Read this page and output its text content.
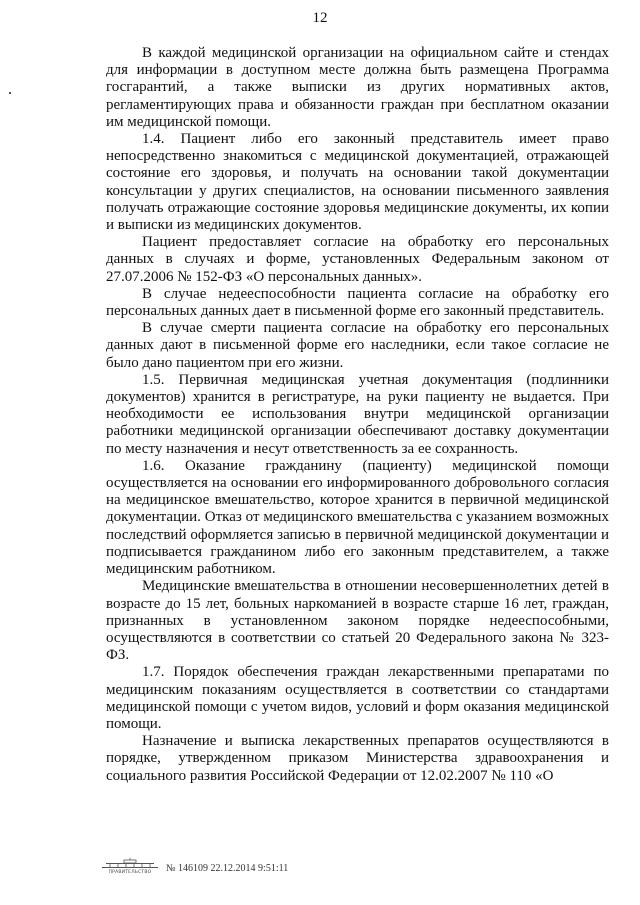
12

В каждой медицинской организации на официальном сайте и стендах для информации в доступном месте должна быть размещена Программа госгарантий, а также выписки из других нормативных актов, регламентирующих права и обязанности граждан при бесплатном оказании им медицинской помощи.

1.4. Пациент либо его законный представитель имеет право непосредственно знакомиться с медицинской документацией, отражающей состояние его здоровья, и получать на основании такой документации консультации у других специалистов, на основании письменного заявления получать отражающие состояние здоровья медицинские документы, их копии и выписки из медицинских документов.

Пациент предоставляет согласие на обработку его персональных данных в случаях и форме, установленных Федеральным законом от 27.07.2006 № 152-ФЗ «О персональных данных».

В случае недееспособности пациента согласие на обработку его персональных данных дает в письменной форме его законный представитель.

В случае смерти пациента согласие на обработку его персональных данных дают в письменной форме его наследники, если такое согласие не было дано пациентом при его жизни.

1.5. Первичная медицинская учетная документация (подлинники документов) хранится в регистратуре, на руки пациенту не выдается. При необходимости ее использования внутри медицинской организации работники медицинской организации обеспечивают доставку документации по месту назначения и несут ответственность за ее сохранность.

1.6. Оказание гражданину (пациенту) медицинской помощи осуществляется на основании его информированного добровольного согласия на медицинское вмешательство, которое хранится в первичной медицинской документации. Отказ от медицинского вмешательства с указанием возможных последствий оформляется записью в первичной медицинской документации и подписывается гражданином либо его законным представителем, а также медицинским работником.

Медицинские вмешательства в отношении несовершеннолетних детей в возрасте до 15 лет, больных наркоманией в возрасте старше 16 лет, граждан, признанных в установленном законом порядке недееспособными, осуществляются в соответствии со статьей 20 Федерального закона № 323-ФЗ.

1.7. Порядок обеспечения граждан лекарственными препаратами по медицинским показаниям осуществляется в соответствии со стандартами медицинской помощи с учетом видов, условий и форм оказания медицинской помощи.

Назначение и выписка лекарственных препаратов осуществляются в порядке, утвержденном приказом Министерства здравоохранения и социального развития Российской Федерации от 12.02.2007 № 110 «О

ПРАВИТЕЛЬСТВО	№ 146109 22.12.2014 9:51:11
